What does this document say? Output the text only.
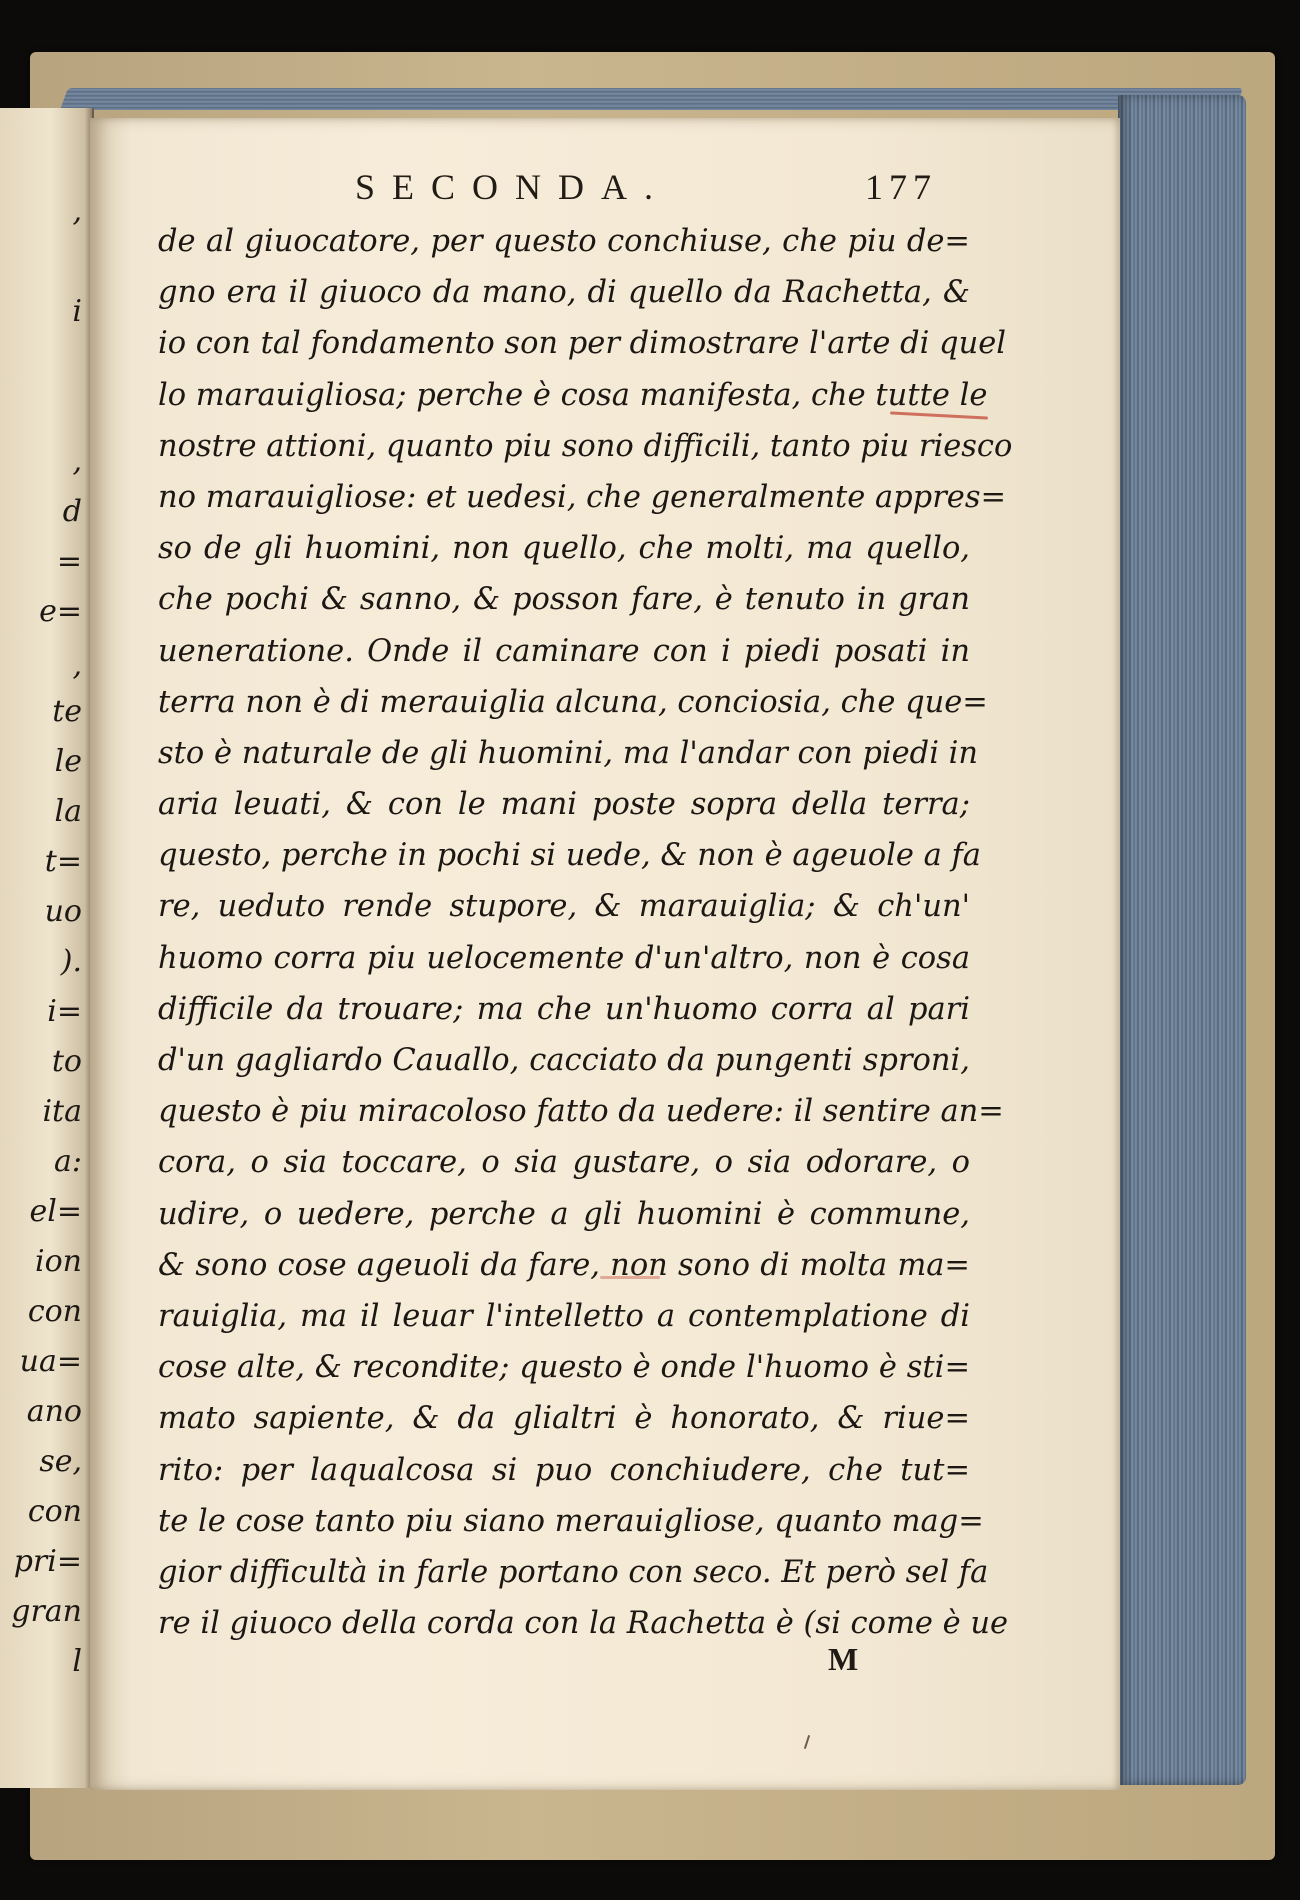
,
i
,
d
=
e=
,
te
le
la
t=
uo
).
i=
to
ita
a:
el=
ion
con
ua=
ano
se,
con
pri=
gran
l
SECONDA.	177
de al giuocatore, per questo conchiuse, che piu de=
gno era il giuoco da mano, di quello da Rachetta, &
io con tal fondamento son per dimostrare l'arte di quel
lo marauigliosa; perche è cosa manifesta, che tutte le
nostre attioni, quanto piu sono difficili, tanto piu riesco
no marauigliose: et uedesi, che generalmente appres=
so de gli huomini, non quello, che molti, ma quello,
che pochi & sanno, & posson fare, è tenuto in gran
ueneratione. Onde il caminare con i piedi posati in
terra non è di merauiglia alcuna, conciosia, che que=
sto è naturale de gli huomini, ma l'andar con piedi in
aria leuati, & con le mani poste sopra della terra;
questo, perche in pochi si uede, & non è ageuole a fa
re, ueduto rende stupore, & marauiglia; & ch'un'
huomo corra piu uelocemente d'un'altro, non è cosa
difficile da trouare; ma che un'huomo corra al pari
d'un gagliardo Cauallo, cacciato da pungenti sproni,
questo è piu miracoloso fatto da uedere: il sentire an=
cora, o sia toccare, o sia gustare, o sia odorare, o
udire, o uedere, perche a gli huomini è commune,
& sono cose ageuoli da fare, non sono di molta ma=
rauiglia, ma il leuar l'intelletto a contemplatione di
cose alte, & recondite; questo è onde l'huomo è sti=
mato sapiente, & da glialtri è honorato, & riue=
rito: per laqualcosa si puo conchiudere, che tut=
te le cose tanto piu siano merauigliose, quanto mag=
gior difficultà in farle portano con seco. Et però sel fa
re il giuoco della corda con la Rachetta è (si come è ue
M
